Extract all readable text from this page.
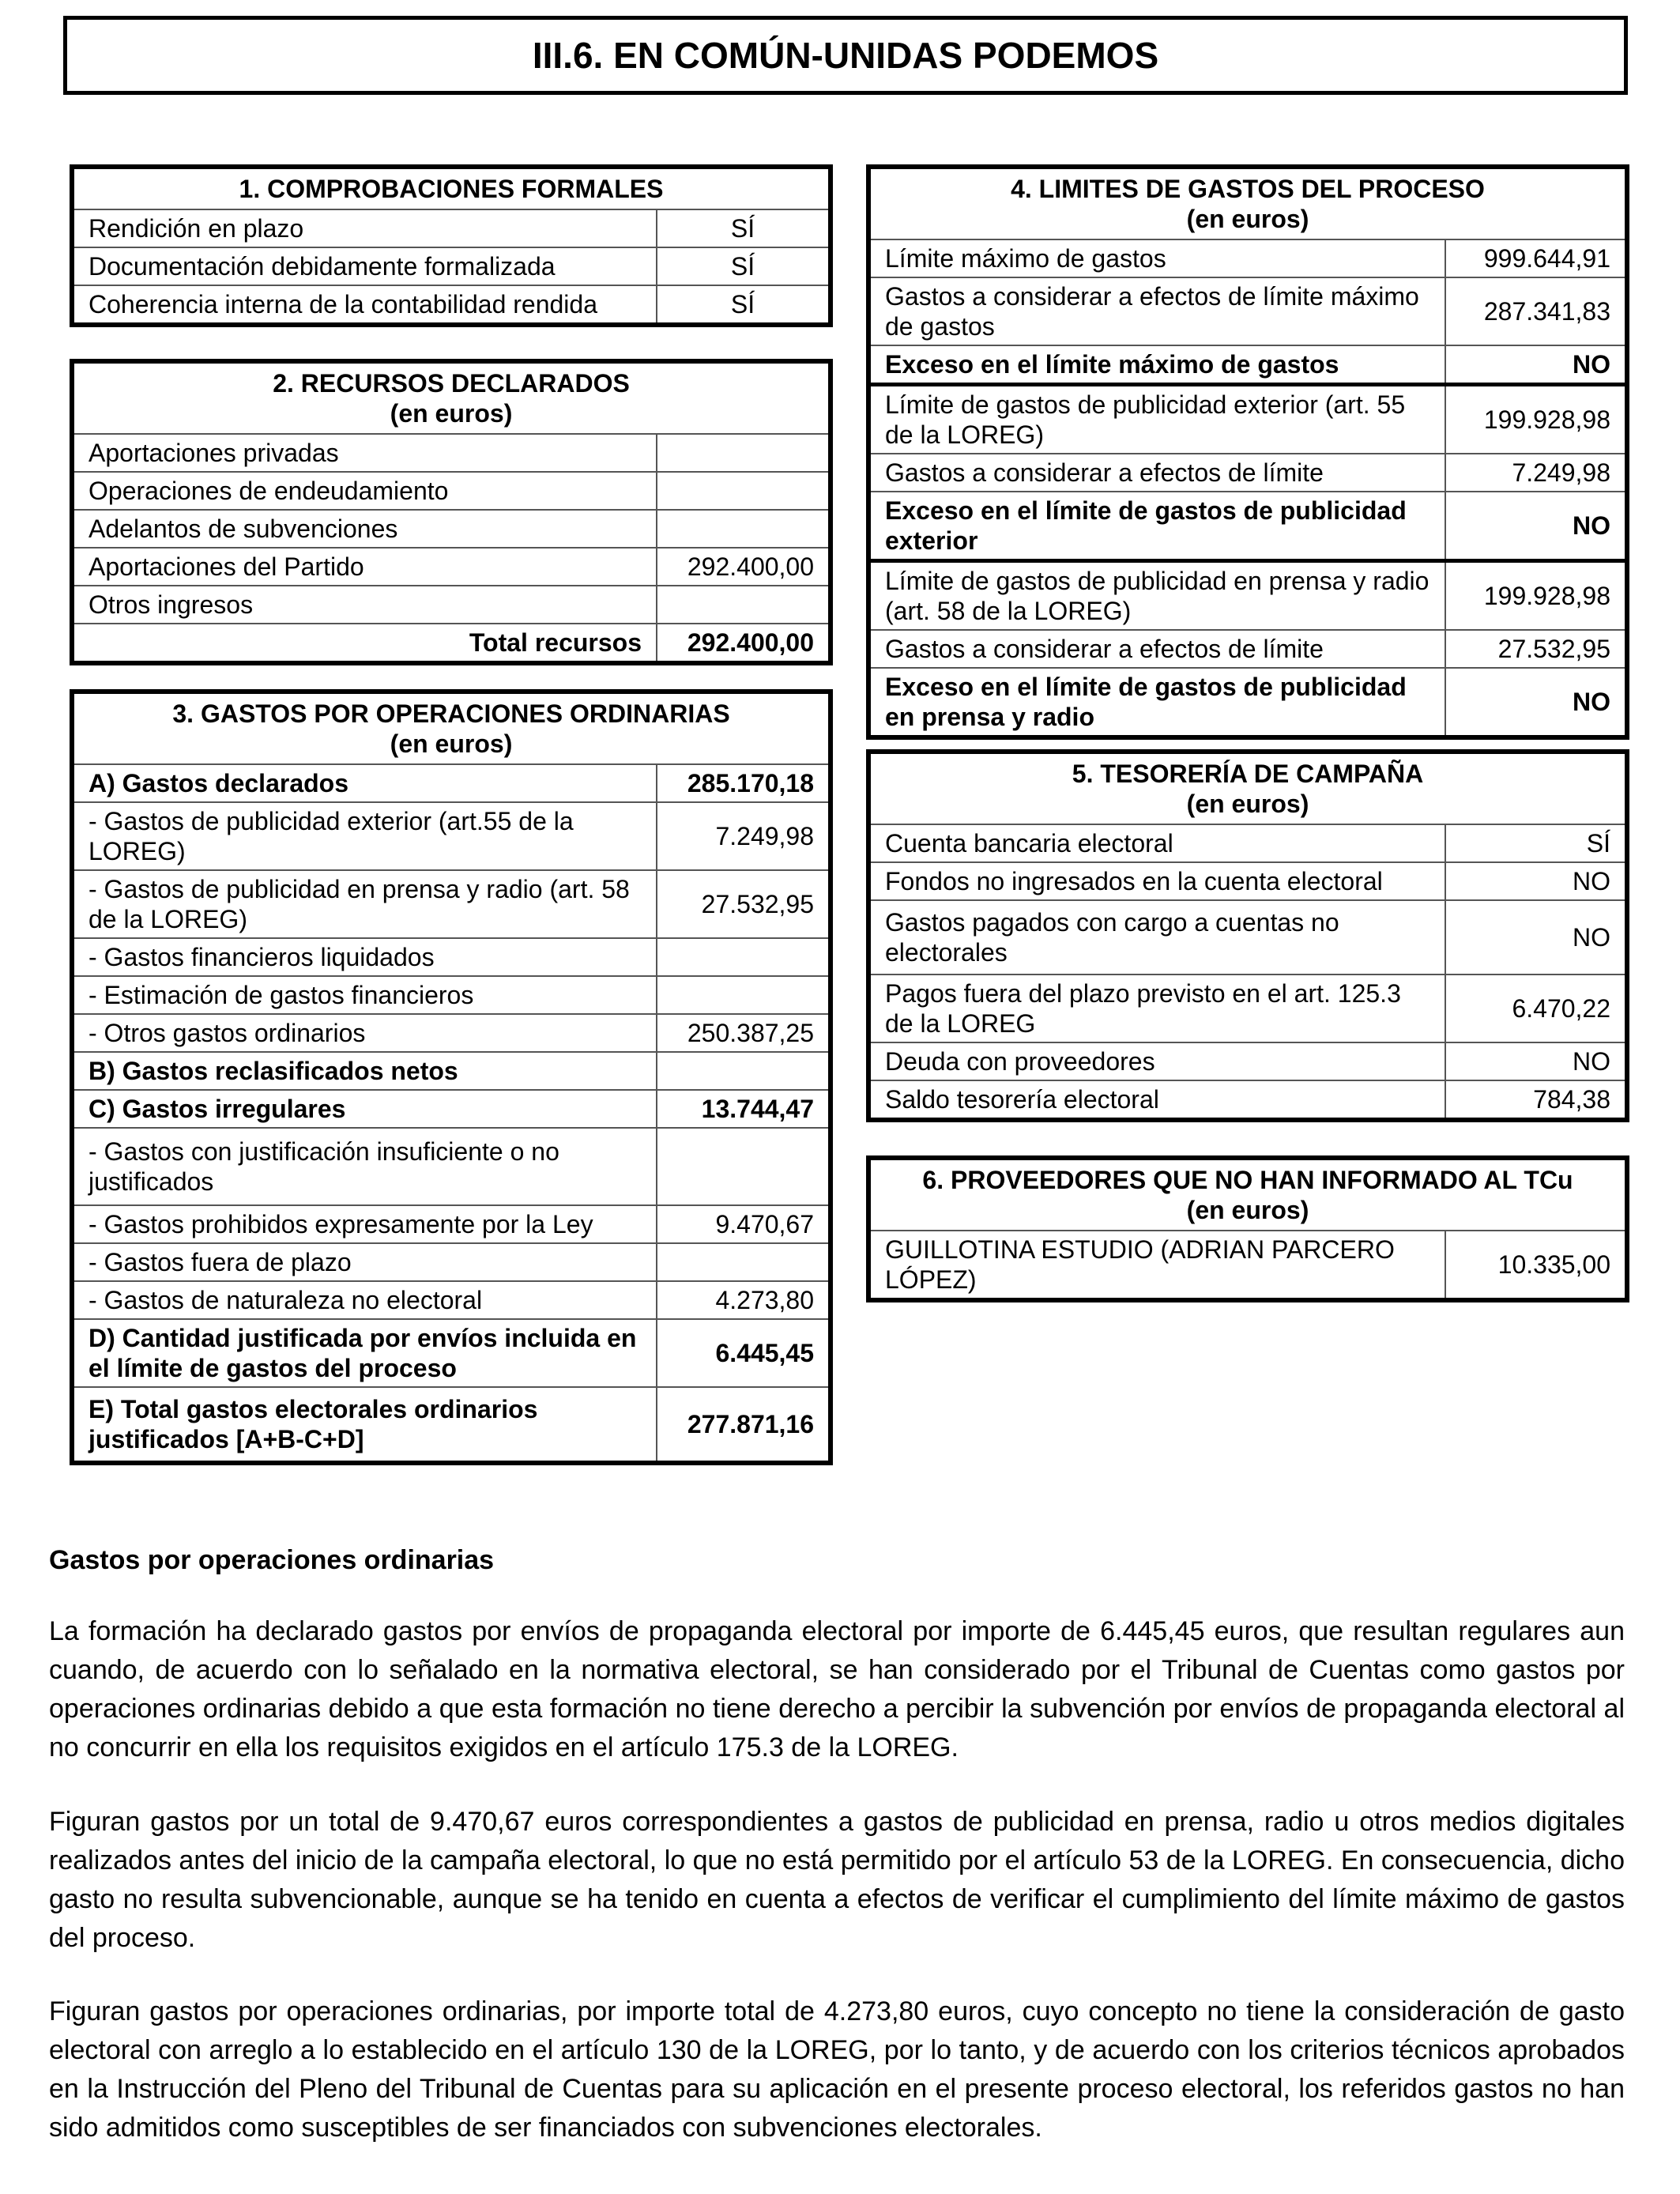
III.6. EN COMÚN-UNIDAS PODEMOS
1. COMPROBACIONES FORMALES	
Rendición en plazo	SÍ
Documentación debidamente formalizada	SÍ
Coherencia interna de la contabilidad rendida	SÍ
2. RECURSOS DECLARADOS
(en euros)	
Aportaciones privadas	
Operaciones de endeudamiento	
Adelantos de subvenciones	
Aportaciones del Partido	292.400,00
Otros ingresos	
Total recursos	292.400,00
3. GASTOS POR OPERACIONES ORDINARIAS
(en euros)	
A) Gastos declarados	285.170,18
- Gastos de publicidad exterior (art.55 de la LOREG)	7.249,98
- Gastos de publicidad en prensa y radio (art. 58 de la LOREG)	27.532,95
- Gastos financieros liquidados	
- Estimación de gastos financieros	
- Otros gastos ordinarios	250.387,25
B) Gastos reclasificados netos	
C) Gastos irregulares	13.744,47
- Gastos con justificación insuficiente o no justificados	
- Gastos prohibidos expresamente por la Ley	9.470,67
- Gastos fuera de plazo	
- Gastos de naturaleza no electoral	4.273,80
D) Cantidad justificada por envíos incluida en el límite de gastos del proceso	6.445,45
E) Total gastos electorales ordinarios justificados [A+B-C+D]	277.871,16
4. LIMITES DE GASTOS DEL PROCESO
(en euros)	
Límite máximo de gastos	999.644,91
Gastos a considerar a efectos de límite máximo de gastos	287.341,83
Exceso en el límite máximo de gastos	NO
Límite de gastos de publicidad exterior (art. 55 de la LOREG)	199.928,98
Gastos a considerar a efectos de límite	7.249,98
Exceso en el límite de gastos de publicidad exterior	NO
Límite de gastos de publicidad en prensa y radio (art. 58 de la LOREG)	199.928,98
Gastos a considerar a efectos de límite	27.532,95
Exceso en el límite de gastos de publicidad en prensa y radio	NO
5. TESORERÍA DE CAMPAÑA
(en euros)	
Cuenta bancaria electoral	SÍ
Fondos no ingresados en la cuenta electoral	NO
Gastos pagados con cargo a cuentas no electorales	NO
Pagos fuera del plazo previsto en el art. 125.3 de la LOREG	6.470,22
Deuda con proveedores	NO
Saldo tesorería electoral	784,38
6. PROVEEDORES QUE NO HAN INFORMADO AL TCu
(en euros)
GUILLOTINA ESTUDIO (ADRIAN PARCERO LÓPEZ)	10.335,00
Gastos por operaciones ordinarias

La formación ha declarado gastos por envíos de propaganda electoral por importe de 6.445,45 euros, que resultan regulares aun cuando, de acuerdo con lo señalado en la normativa electoral, se han considerado por el Tribunal de Cuentas como gastos por operaciones ordinarias debido a que esta formación no tiene derecho a percibir la subvención por envíos de propaganda electoral al no concurrir en ella los requisitos exigidos en el artículo 175.3 de la LOREG.

Figuran gastos por un total de 9.470,67 euros correspondientes a gastos de publicidad en prensa, radio u otros medios digitales realizados antes del inicio de la campaña electoral, lo que no está permitido por el artículo 53 de la LOREG. En consecuencia, dicho gasto no resulta subvencionable, aunque se ha tenido en cuenta a efectos de verificar el cumplimiento del límite máximo de gastos del proceso.

Figuran gastos por operaciones ordinarias, por importe total de 4.273,80 euros, cuyo concepto no tiene la consideración de gasto electoral con arreglo a lo establecido en el artículo 130 de la LOREG, por lo tanto, y de acuerdo con los criterios técnicos aprobados en la Instrucción del Pleno del Tribunal de Cuentas para su aplicación en el presente proceso electoral, los referidos gastos no han sido admitidos como susceptibles de ser financiados con subvenciones electorales.
